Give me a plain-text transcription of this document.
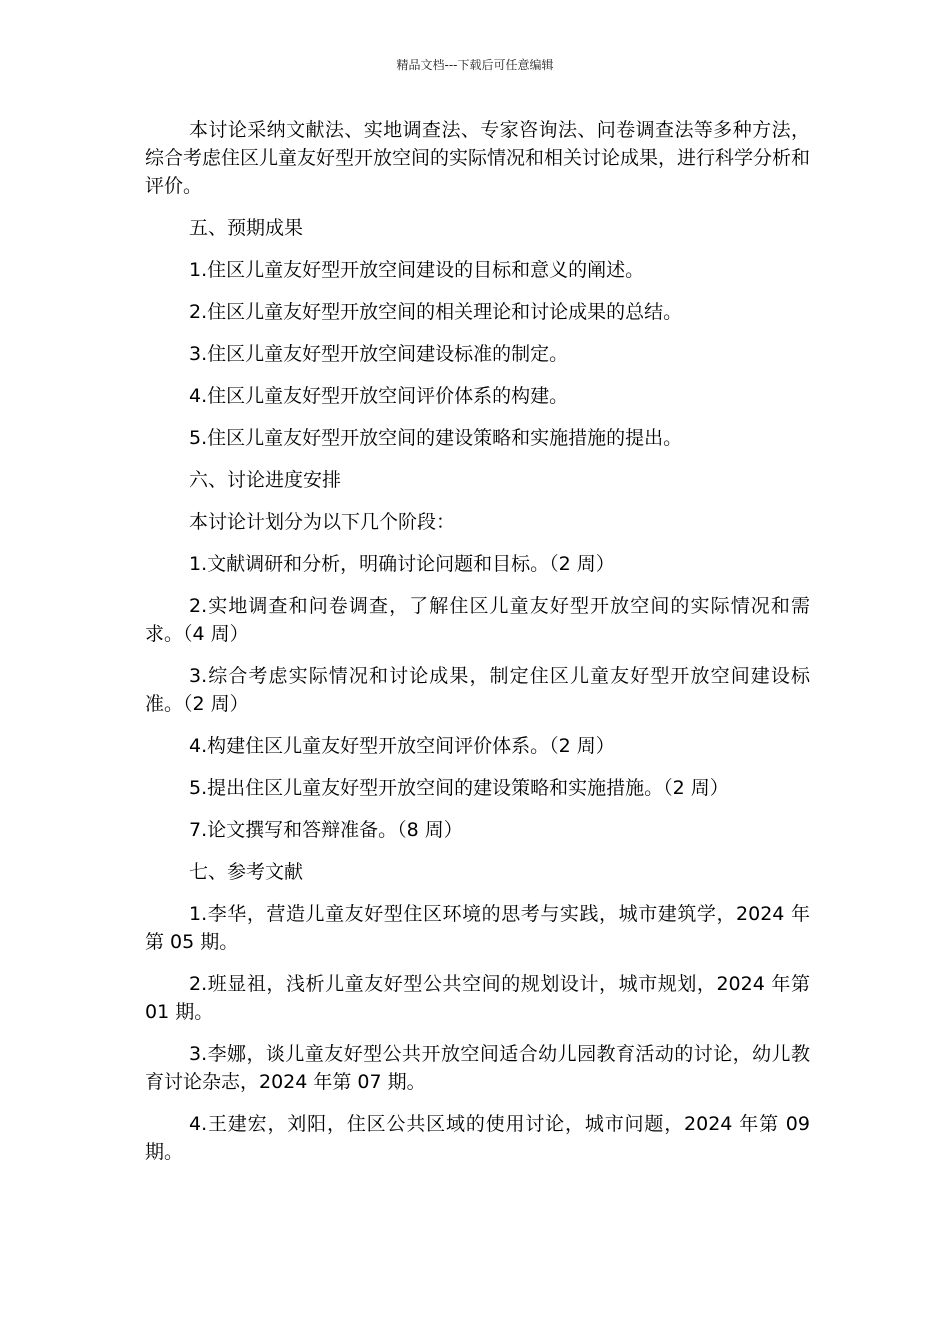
精品文档---下载后可任意编辑

本讨论采纳文献法、实地调查法、专家咨询法、问卷调查法等多种方法，综合考虑住区儿童友好型开放空间的实际情况和相关讨论成果，进行科学分析和评价。

五、预期成果

1.住区儿童友好型开放空间建设的目标和意义的阐述。

2.住区儿童友好型开放空间的相关理论和讨论成果的总结。

3.住区儿童友好型开放空间建设标准的制定。

4.住区儿童友好型开放空间评价体系的构建。

5.住区儿童友好型开放空间的建设策略和实施措施的提出。

六、讨论进度安排

本讨论计划分为以下几个阶段：

1.文献调研和分析，明确讨论问题和目标。（2 周）

2.实地调查和问卷调查，了解住区儿童友好型开放空间的实际情况和需求。（4 周）

3.综合考虑实际情况和讨论成果，制定住区儿童友好型开放空间建设标准。（2 周）

4.构建住区儿童友好型开放空间评价体系。（2 周）

5.提出住区儿童友好型开放空间的建设策略和实施措施。（2 周）

7.论文撰写和答辩准备。（8 周）

七、参考文献

1.李华，营造儿童友好型住区环境的思考与实践，城市建筑学，2024 年第 05 期。

2.班显祖，浅析儿童友好型公共空间的规划设计，城市规划，2024 年第 01 期。

3.李娜，谈儿童友好型公共开放空间适合幼儿园教育活动的讨论，幼儿教育讨论杂志，2024 年第 07 期。

4.王建宏，刘阳，住区公共区域的使用讨论，城市问题，2024 年第 09 期。
